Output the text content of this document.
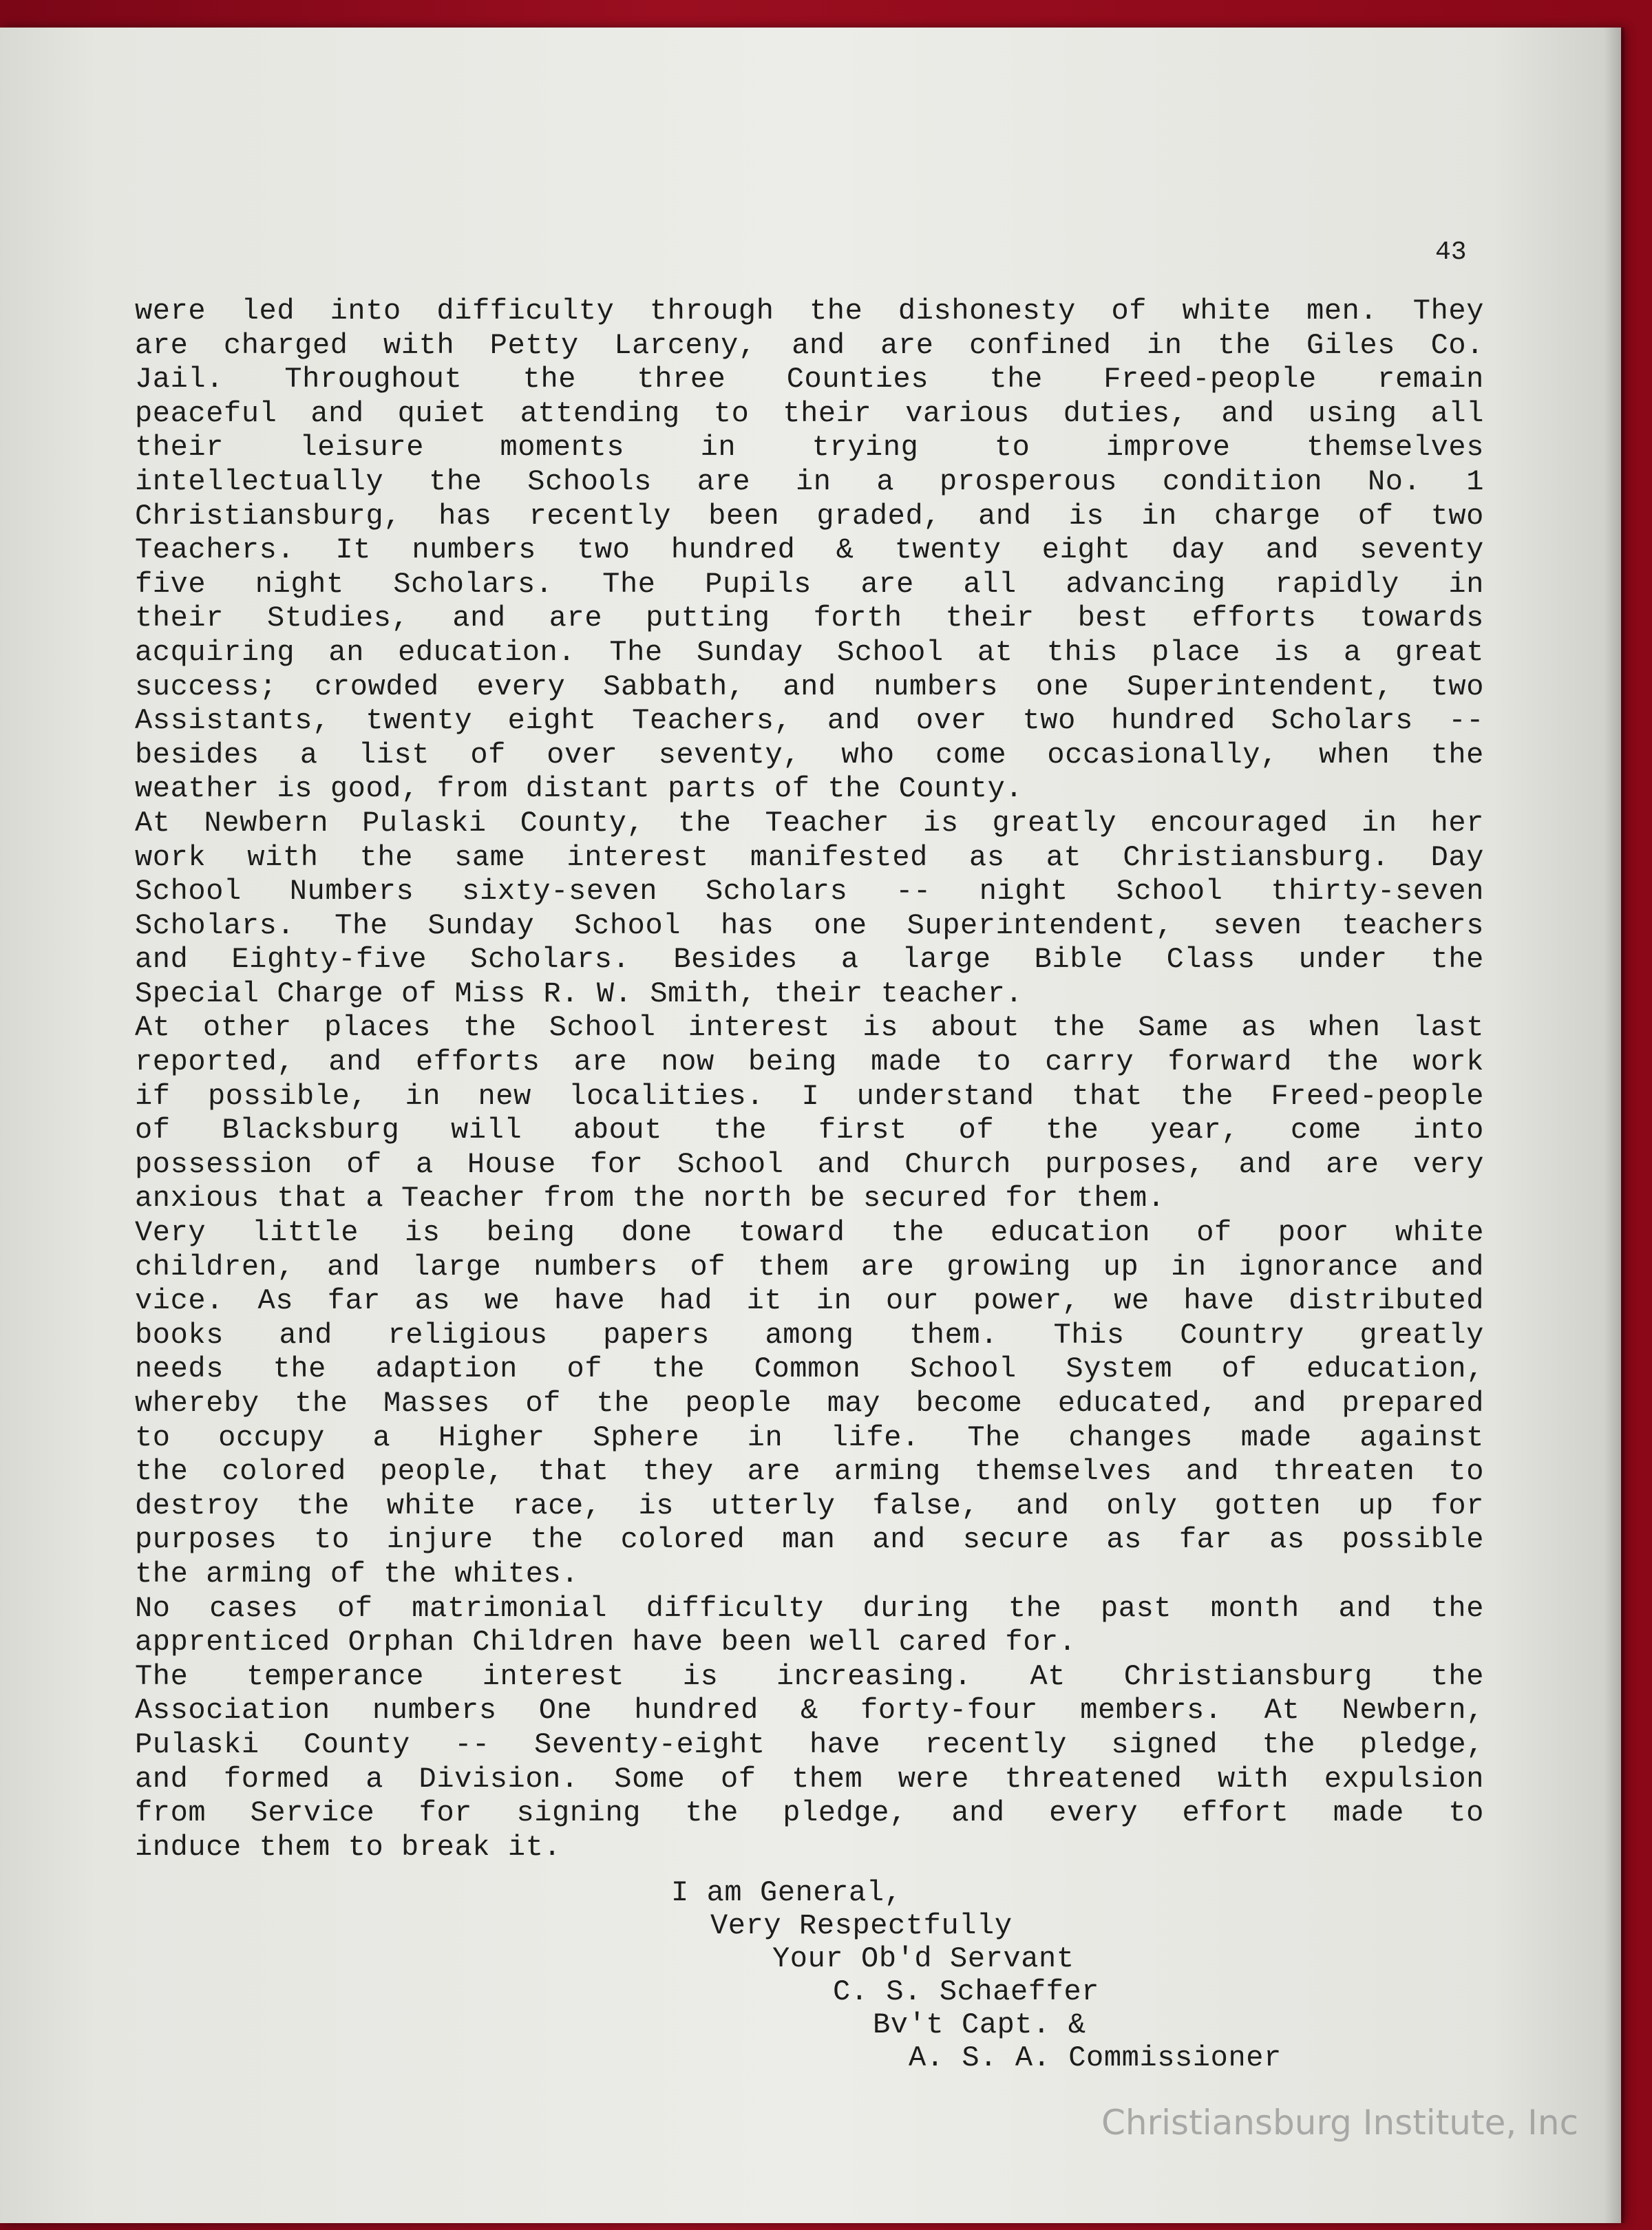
43
were led into difficulty through the dishonesty of white men. They
are charged with Petty Larceny, and are confined in the Giles Co.
Jail. Throughout the three Counties the Freed-people remain
peaceful and quiet attending to their various duties, and using all
their leisure moments in trying to improve themselves
intellectually the Schools are in a prosperous condition No. 1
Christiansburg, has recently been graded, and is in charge of two
Teachers. It numbers two hundred & twenty eight day and seventy
five night Scholars. The Pupils are all advancing rapidly in
their Studies, and are putting forth their best efforts towards
acquiring an education. The Sunday School at this place is a great
success; crowded every Sabbath, and numbers one Superintendent, two
Assistants, twenty eight Teachers, and over two hundred Scholars --
besides a list of over seventy, who come occasionally, when the
weather is good, from distant parts of the County.
At Newbern Pulaski County, the Teacher is greatly encouraged in her
work with the same interest manifested as at Christiansburg. Day
School Numbers sixty-seven Scholars -- night School thirty-seven
Scholars. The Sunday School has one Superintendent, seven teachers
and Eighty-five Scholars. Besides a large Bible Class under the
Special Charge of Miss R. W. Smith, their teacher.
At other places the School interest is about the Same as when last
reported, and efforts are now being made to carry forward the work
if possible, in new localities. I understand that the Freed-people
of Blacksburg will about the first of the year, come into
possession of a House for School and Church purposes, and are very
anxious that a Teacher from the north be secured for them.
Very little is being done toward the education of poor white
children, and large numbers of them are growing up in ignorance and
vice. As far as we have had it in our power, we have distributed
books and religious papers among them. This Country greatly
needs the adaption of the Common School System of education,
whereby the Masses of the people may become educated, and prepared
to occupy a Higher Sphere in life. The changes made against
the colored people, that they are arming themselves and threaten to
destroy the white race, is utterly false, and only gotten up for
purposes to injure the colored man and secure as far as possible
the arming of the whites.
No cases of matrimonial difficulty during the past month and the
apprenticed Orphan Children have been well cared for.
The temperance interest is increasing. At Christiansburg the
Association numbers One hundred & forty-four members. At Newbern,
Pulaski County -- Seventy-eight have recently signed the pledge,
and formed a Division. Some of them were threatened with expulsion
from Service for signing the pledge, and every effort made to
induce them to break it.
I am General,
Very Respectfully
Your Ob'd Servant
C. S. Schaeffer
Bv't Capt. &
A. S. A. Commissioner
Christiansburg Institute, Inc
